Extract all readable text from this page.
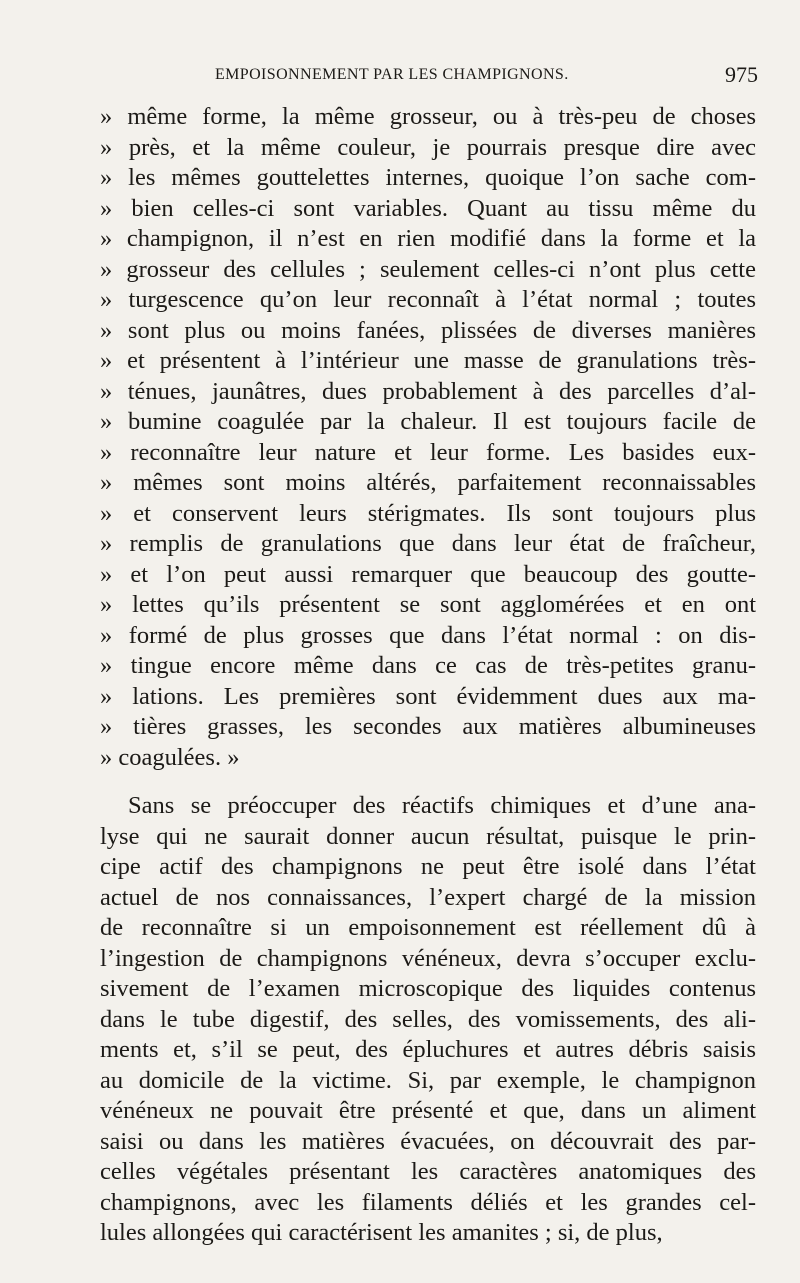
EMPOISONNEMENT PAR LES CHAMPIGNONS.	975
» même forme, la même grosseur, ou à très-peu de choses
» près, et la même couleur, je pourrais presque dire avec
» les mêmes gouttelettes internes, quoique l’on sache com-
» bien celles-ci sont variables. Quant au tissu même du
» champignon, il n’est en rien modifié dans la forme et la
» grosseur des cellules ; seulement celles-ci n’ont plus cette
» turgescence qu’on leur reconnaît à l’état normal ; toutes
» sont plus ou moins fanées, plissées de diverses manières
» et présentent à l’intérieur une masse de granulations très-
» ténues, jaunâtres, dues probablement à des parcelles d’al-
» bumine coagulée par la chaleur. Il est toujours facile de
» reconnaître leur nature et leur forme. Les basides eux-
» mêmes sont moins altérés, parfaitement reconnaissables
» et conservent leurs stérigmates. Ils sont toujours plus
» remplis de granulations que dans leur état de fraîcheur,
» et l’on peut aussi remarquer que beaucoup des goutte-
» lettes qu’ils présentent se sont agglomérées et en ont
» formé de plus grosses que dans l’état normal : on dis-
» tingue encore même dans ce cas de très-petites granu-
» lations. Les premières sont évidemment dues aux ma-
» tières grasses, les secondes aux matières albumineuses
» coagulées. »
Sans se préoccuper des réactifs chimiques et d’une ana-
lyse qui ne saurait donner aucun résultat, puisque le prin-
cipe actif des champignons ne peut être isolé dans l’état
actuel de nos connaissances, l’expert chargé de la mission
de reconnaître si un empoisonnement est réellement dû à
l’ingestion de champignons vénéneux, devra s’occuper exclu-
sivement de l’examen microscopique des liquides contenus
dans le tube digestif, des selles, des vomissements, des ali-
ments et, s’il se peut, des épluchures et autres débris saisis
au domicile de la victime. Si, par exemple, le champignon
vénéneux ne pouvait être présenté et que, dans un aliment
saisi ou dans les matières évacuées, on découvrait des par-
celles végétales présentant les caractères anatomiques des
champignons, avec les filaments déliés et les grandes cel-
lules allongées qui caractérisent les amanites ; si, de plus,
